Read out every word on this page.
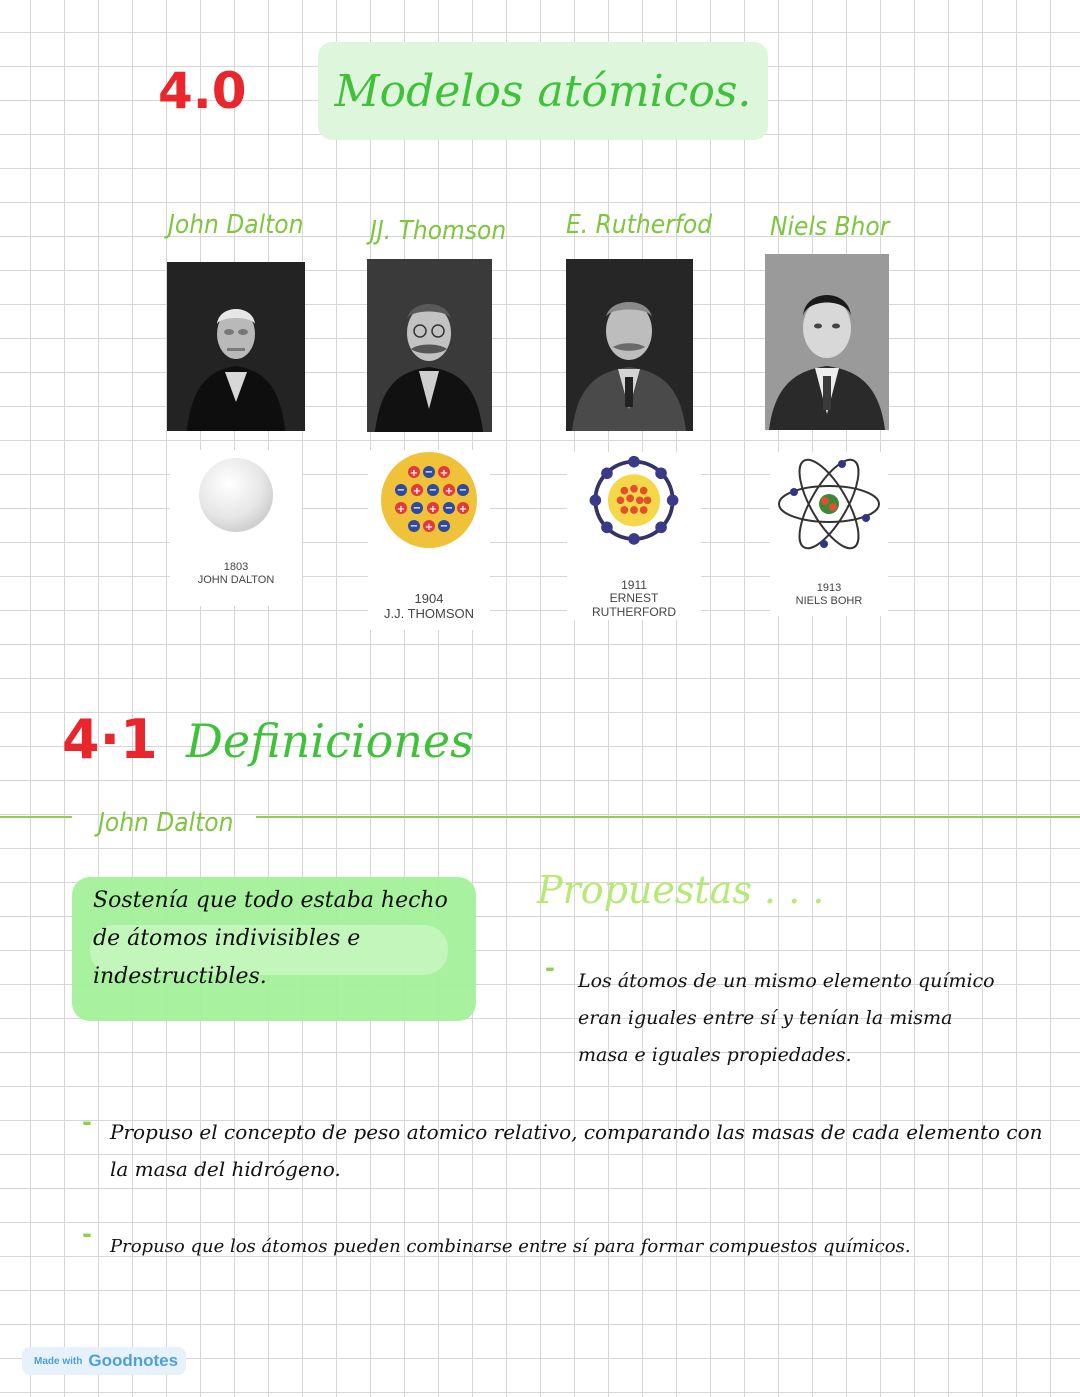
4.0 Modelos atómicos.
John Dalton	JJ. Thomson E. Rutherfod Niels Bhor
1803
JOHN DALTON
+ +
−
− + − + −
+ − + − +
− + −
1904
J.J. THOMSON
1911
ERNEST RUTHERFORD
1913
NIELS BOHR
4·1 Definiciones
John Dalton
Sostenía que todo estaba hecho de átomos indivisibles e indestructibles.
Propuestas . . .
- Los átomos de un mismo elemento químico eran iguales entre sí y tenían la misma masa e iguales propiedades.
- Propuso el concepto de peso atomico relativo, comparando las masas de cada elemento con la masa del hidrógeno.
- Propuso que los átomos pueden combinarse entre sí para formar compuestos químicos.
Made with Goodnotes
